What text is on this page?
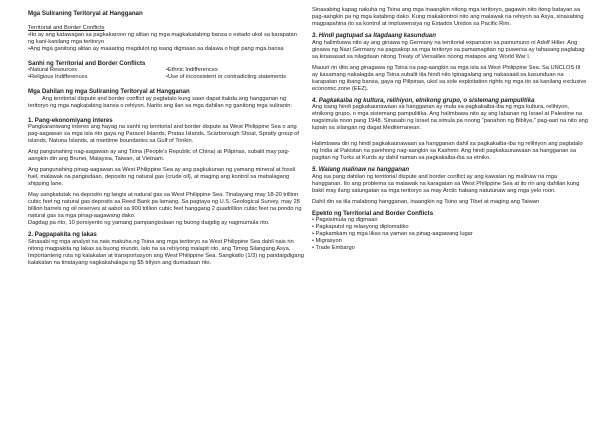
Mga Suliraning Teritoryal at Hangganan

Territorial and Border Conflicts

•Ito ay ang katawagan sa pagkakaroon ng alitan ng mga magkakatabing bansa o estado ukol sa karapatan ng kani-kanilang mga teritoryo

•Ang mga ganitong alitan ay maaaring magdulot ng isang digmaan sa dalawa o higit pang mga bansa

Sanhi ng Territorial and Border Conflicts

•Natural Resources

•Religious Indifferences

•Ethnic Indifferences

•Use of inconsistent or contradicting statements

Mga Dahilan ng mga Suliraning Teritoryal at Hangganan

Ang territorial dispute and border conflict ay pagtatalo kung saan dapat itakda ang hangganan ng teritoryo ng mga nagkatabing bansa o rehiyon. Narito ang ilan sa mga dahilan ng ganitong mga suliranin:

1. Pang-ekonomiyang interes

Pangkaraniwang interes ang hayag na sanhi ng territorial and border dispute sa West Philippine Sea o ang pag-aagawan sa mga isla rito gaya ng Paracel Islands, Pratas Islands, Scarborough Shoal, Spratly group of islands, Natuna Islands, at maritime boundaries sa Gulf of Tonkin.

Ang pangunahing nag-aagawan ay ang Tsina (People's Republic of China) at Pilipinas, subalit may pag-aangkin din ang Brunei, Malaysia, Taiwan, at Vietnam.

Ang pangunahing pinag-aagawan sa West Philippine Sea ay ang pagkukunan ng yamang mineral at fossil fuel, malawak na pangisdaan, deposito ng natural gas (crude oil), at maging ang kontrol sa mahalagang shipping lane.

May sangkatutak na deposito ng langis at natural gas sa West Philippine Sea. Tinatayang may 18-20 trillion cubic feet ng natural gas deposits sa Reed Bank pa lamang. Sa pagtaya ng U.S. Geological Survey, may 28 billion barrels ng oil reserves at aabot sa 900 trillion cubic feet hanggang 2 quadrillion cubic feet na pondo ng natural gas sa mga pinag-aagawang dako.

Dagdag pa rito, 10 porsiyento ng yamang pampangisdaan ng buong daigdig ay nagmumula rito.

2. Pagpapakita ng lakas

Sinasabi ng mga analyst na nais makuha ng Tsina ang mga teritoryo sa West Philippine Sea dahil nais rin nitong magpakita ng lakas sa buong mundo, lalo na sa rehiyong malapit rito, ang Timog Silangang Asya.

Importanteng ruta ng kalakalan at transportasyon ang West Philippine Sea. Sangkatlo (1/3) ng pandaigdigang kalakalan na tinatayang nagkakahalaga ng $5 trilyon ang dumadaan rito.

Sinasabing kapag nakuha ng Tsina ang mga inaangkin nitong mga teritoryo, gagawin nito itong batayan sa pag-aangkin pa ng mga katabing dako. Kung makakontrol nito ang malawak na rehiyon sa Asya, sinasabing magpapahina ito sa kontrol at impluwensiya ng Estados Unidos sa Pacific Rim.

3. Hindi pagtupad sa Itagdaang kasunduan

Ang halimbawa nito ay ang ginawa ng Germany na territorial expansion sa pamumuno ni Adolf Hitler. Ang ginawa ng Nazi Germany na pagsakop sa mga teritoryo sa pamamagitan ng puwersa ay tahasang paglabag sa kinasasad sa nilagdaan nitong Treaty of Versailles noong matapos ang World War I.

Mauuri rin dito ang ginagawa ng Tsina na pag-aangkin sa mga isla sa West Philippine Sea. Sa UNCLOS III ay kasamang nakalagda ang Tsina subalit tila hindi nito iginagalang ang nakasaad sa kasunduan na karapatan ng ibang bansa, gaya ng Pilipinas, ukol sa sole exploitation rights ng mga ito sa kanilang exclusive economic zone (EEZ).

4. Pagkakaiba ng kultura, relihiyon, etnikong grupo, o sistemang pampulitika

Ang isang hindi pagkakaunawaan sa hangganan ay mula sa pagkakaiba-iba ng mga kultura, relihiyon, etnikong grupo, o mga sistemang pampulitika. Ang halimbawa nito ay ang labanan ng Israel at Palestine na nagsimula noon pang 1948. Sinasabi ng Israel na simula pa noong "panahon ng Bibliya," pag-aari na nito ang lupain sa silangan ng dagat Mediterranean.

Halimbawa din ng hindi pagkakaunawaan sa hangganan dahil sa pagkakaiba-iba ng relihiyon ang pagtatalo ng India at Pakistan na parehong nag-aangkin sa Kashmir. Ang hindi pagkakaunawaan sa hangganan sa pagitan ng Turks at Kurds ay dahil naman sa pagkakaiba-iba sa etniko.

5. Walang malinaw na hangganan

Ang isa pang dahilan ng territorial dispute and border conflict ay ang kawalan ng malinaw na mga hangganan. Ito ang problema sa malawak na karagatan sa West Philippine Sea at ito rin ang dahilan kung bakit may ilang salungatan sa mga teritoryo sa may Arctic habang natutunaw ang mga yelo roon.

Dahil din sa tila malabong hangganan, inaangkin ng Tsino ang Tibet at maging ang Taiwan

Epekto ng Territorial and Border Conflicts

• Pagsisimula ng digmaan
• Pagkaputol ng relasyong diplomatiko
• Pagkamkam ng mga likas na yaman sa pinag-aagawang lugar
• Migrasyon
• Trade Embargo
